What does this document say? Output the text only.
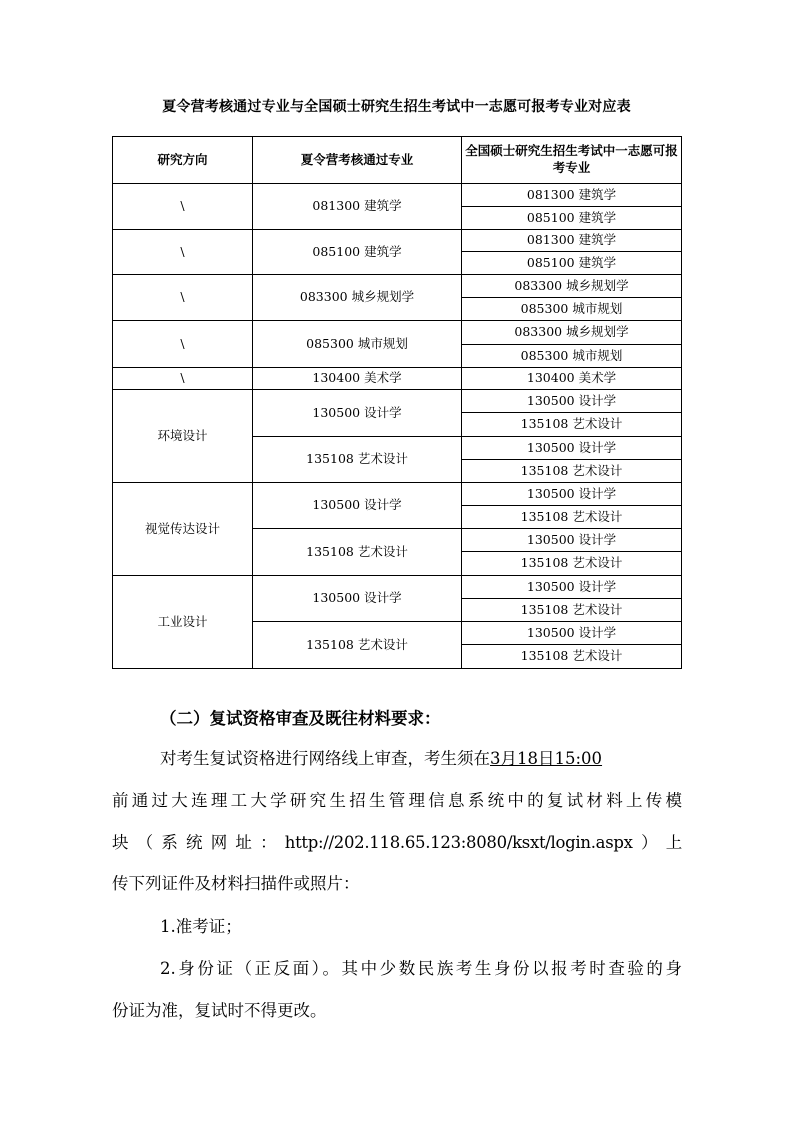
夏令营考核通过专业与全国硕士研究生招生考试中一志愿可报考专业对应表
研究方向	夏令营考核通过专业	全国硕士研究生招生考试中一志愿可报考专业
\	081300 建筑学	081300 建筑学
		085100 建筑学
\	085100 建筑学	081300 建筑学
		085100 建筑学
\	083300 城乡规划学	083300 城乡规划学
		085300 城市规划
\	085300 城市规划	083300 城乡规划学
		085300 城市规划
\	130400 美术学	130400 美术学
环境设计	130500 设计学	130500 设计学
		135108 艺术设计
	135108 艺术设计	130500 设计学
		135108 艺术设计
视觉传达设计	130500 设计学	130500 设计学
		135108 艺术设计
	135108 艺术设计	130500 设计学
		135108 艺术设计
工业设计	130500 设计学	130500 设计学
		135108 艺术设计
	135108 艺术设计	130500 设计学
		135108 艺术设计
（二）复试资格审查及既往材料要求：
对考生复试资格进行网络线上审查，考生须在3月18日15:00
前通过大连理工大学研究生招生管理信息系统中的复试材料上传模
块（系统网址：http://202.118.65.123:8080/ksxt/login.aspx）上
传下列证件及材料扫描件或照片：
1.准考证；
2.身份证（正反面）。其中少数民族考生身份以报考时查验的身
份证为准，复试时不得更改。
